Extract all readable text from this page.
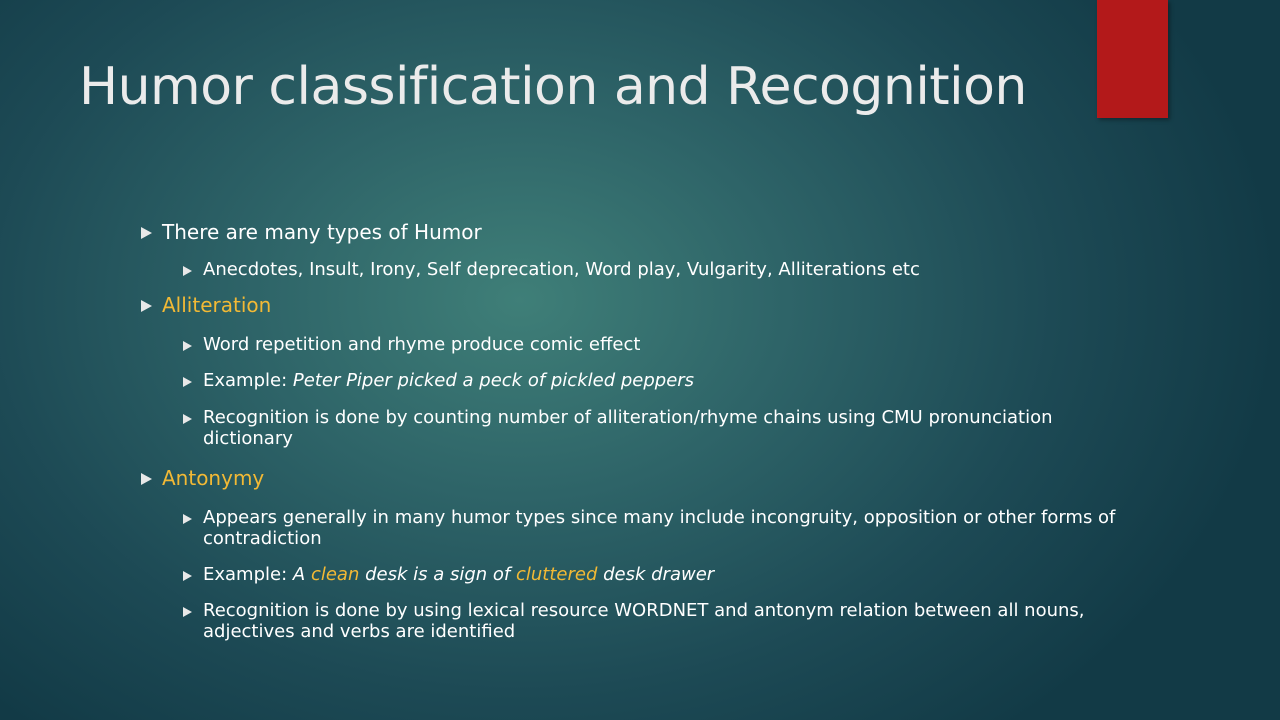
Humor classification and Recognition
There are many types of Humor
Anecdotes, Insult, Irony, Self deprecation, Word play, Vulgarity, Alliterations etc
Alliteration
Word repetition and rhyme produce comic effect
Example: Peter Piper picked a peck of pickled peppers
Recognition is done by counting number of alliteration/rhyme chains using CMU pronunciation dictionary
Antonymy
Appears generally in many humor types since many include incongruity, opposition or other forms of contradiction
Example: A clean desk is a sign of cluttered desk drawer
Recognition is done by using lexical resource WORDNET and antonym relation between all nouns, adjectives and verbs are identified
